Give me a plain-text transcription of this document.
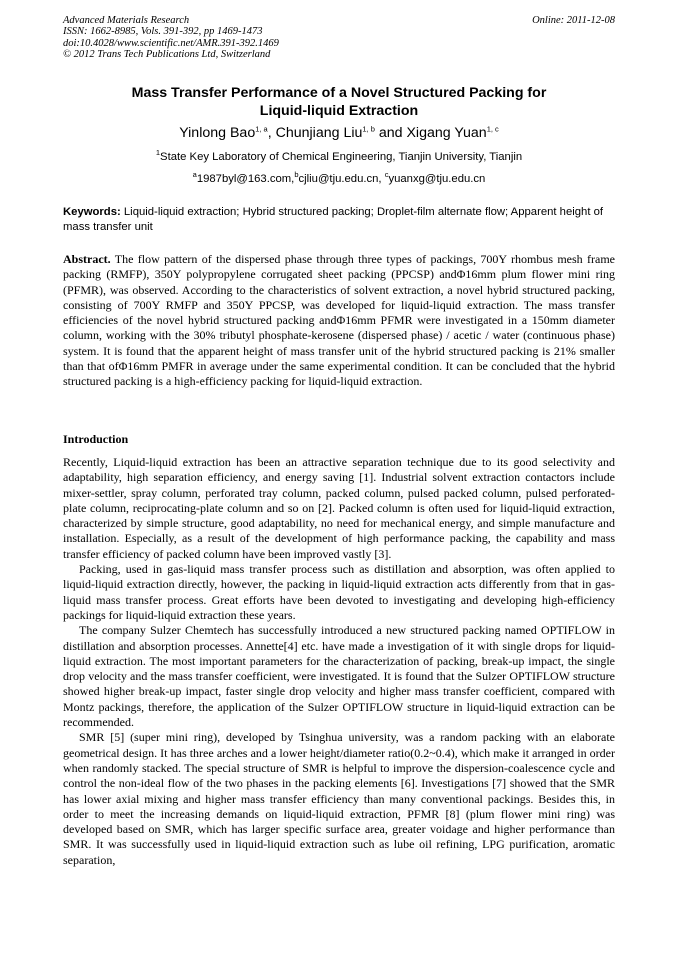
Advanced Materials Research
ISSN: 1662-8985, Vols. 391-392, pp 1469-1473
doi:10.4028/www.scientific.net/AMR.391-392.1469
© 2012 Trans Tech Publications Ltd, Switzerland
Online: 2011-12-08
Mass Transfer Performance of a Novel Structured Packing for
Liquid-liquid Extraction
Yinlong Bao$^{1, a}$, Chunjiang Liu$^{1, b}$ and Xigang Yuan$^{1, c}$
$^1$State Key Laboratory of Chemical Engineering, Tianjin University, Tianjin
$^a$1987byl@163.com,$^b$cjliu@tju.edu.cn, $^c$yuanxg@tju.edu.cn
Keywords: Liquid-liquid extraction; Hybrid structured packing; Droplet-film alternate flow; Apparent height of mass transfer unit
Abstract. The flow pattern of the dispersed phase through three types of packings, 700Y rhombus mesh frame packing (RMFP), 350Y polypropylene corrugated sheet packing (PPCSP) andΦ16mm plum flower mini ring (PFMR), was observed. According to the characteristics of solvent extraction, a novel hybrid structured packing, consisting of 700Y RMFP and 350Y PPCSP, was developed for liquid-liquid extraction. The mass transfer efficiencies of the novel hybrid structured packing andΦ16mm PFMR were investigated in a 150mm diameter column, working with the 30% tributyl phosphate-kerosene (dispersed phase) / acetic / water (continuous phase) system. It is found that the apparent height of mass transfer unit of the hybrid structured packing is 21% smaller than that ofΦ16mm PMFR in average under the same experimental condition. It can be concluded that the hybrid structured packing is a high-efficiency packing for liquid-liquid extraction.
Introduction

Recently, Liquid-liquid extraction has been an attractive separation technique due to its good selectivity and adaptability, high separation efficiency, and energy saving [1]. Industrial solvent extraction contactors include mixer-settler, spray column, perforated tray column, packed column, pulsed packed column, pulsed perforated-plate column, reciprocating-plate column and so on [2]. Packed column is often used for liquid-liquid extraction, characterized by simple structure, good adaptability, no need for mechanical energy, and simple manufacture and installation. Especially, as a result of the development of high performance packing, the capability and mass transfer efficiency of packed column have been improved vastly [3].

Packing, used in gas-liquid mass transfer process such as distillation and absorption, was often applied to liquid-liquid extraction directly, however, the packing in liquid-liquid extraction acts differently from that in gas-liquid mass transfer process. Great efforts have been devoted to investigating and developing high-efficiency packings for liquid-liquid extraction these years.

The company Sulzer Chemtech has successfully introduced a new structured packing named OPTIFLOW in distillation and absorption processes. Annette[4] etc. have made a investigation of it with single drops for liquid-liquid extraction. The most important parameters for the characterization of packing, break-up impact, the single drop velocity and the mass transfer coefficient, were investigated. It is found that the Sulzer OPTIFLOW structure showed higher break-up impact, faster single drop velocity and higher mass transfer coefficient, compared with Montz packings, therefore, the application of the Sulzer OPTIFLOW structure in liquid-liquid extraction can be recommended.

SMR [5] (super mini ring), developed by Tsinghua university, was a random packing with an elaborate geometrical design. It has three arches and a lower height/diameter ratio(0.2~0.4), which make it arranged in order when randomly stacked. The special structure of SMR is helpful to improve the dispersion-coalescence cycle and control the non-ideal flow of the two phases in the packing elements [6]. Investigations [7] showed that the SMR has lower axial mixing and higher mass transfer efficiency than many conventional packings. Besides this, in order to meet the increasing demands on liquid-liquid extraction, PFMR [8] (plum flower mini ring) was developed based on SMR, which has larger specific surface area, greater voidage and higher performance than SMR. It was successfully used in liquid-liquid extraction such as lube oil refining, LPG purification, aromatic separation,
